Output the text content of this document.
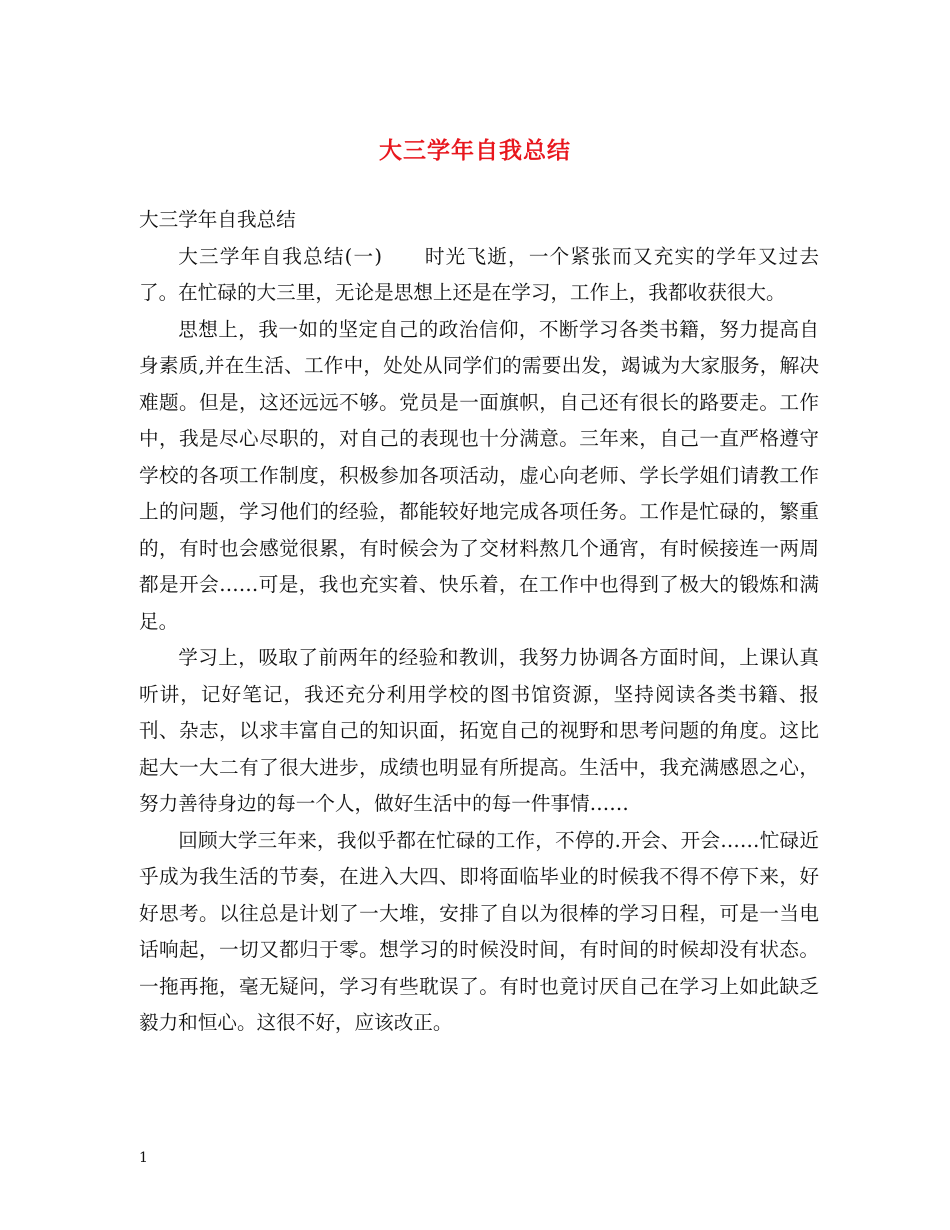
大三学年自我总结

大三学年自我总结

大三学年自我总结(一)　　时光飞逝，一个紧张而又充实的学年又过去了。在忙碌的大三里，无论是思想上还是在学习，工作上，我都收获很大。

思想上，我一如的坚定自己的政治信仰，不断学习各类书籍，努力提高自身素质,并在生活、工作中，处处从同学们的需要出发，竭诚为大家服务，解决难题。但是，这还远远不够。党员是一面旗帜，自己还有很长的路要走。工作中，我是尽心尽职的，对自己的表现也十分满意。三年来，自己一直严格遵守学校的各项工作制度，积极参加各项活动，虚心向老师、学长学姐们请教工作上的问题，学习他们的经验，都能较好地完成各项任务。工作是忙碌的，繁重的，有时也会感觉很累，有时候会为了交材料熬几个通宵，有时候接连一两周都是开会……可是，我也充实着、快乐着，在工作中也得到了极大的锻炼和满足。

学习上，吸取了前两年的经验和教训，我努力协调各方面时间，上课认真听讲，记好笔记，我还充分利用学校的图书馆资源，坚持阅读各类书籍、报刊、杂志，以求丰富自己的知识面，拓宽自己的视野和思考问题的角度。这比起大一大二有了很大进步，成绩也明显有所提高。生活中，我充满感恩之心，努力善待身边的每一个人，做好生活中的每一件事情……

回顾大学三年来，我似乎都在忙碌的工作，不停的.开会、开会……忙碌近乎成为我生活的节奏，在进入大四、即将面临毕业的时候我不得不停下来，好好思考。以往总是计划了一大堆，安排了自以为很棒的学习日程，可是一当电话响起，一切又都归于零。想学习的时候没时间，有时间的时候却没有状态。一拖再拖，毫无疑问，学习有些耽误了。有时也竟讨厌自己在学习上如此缺乏毅力和恒心。这很不好，应该改正。

1
